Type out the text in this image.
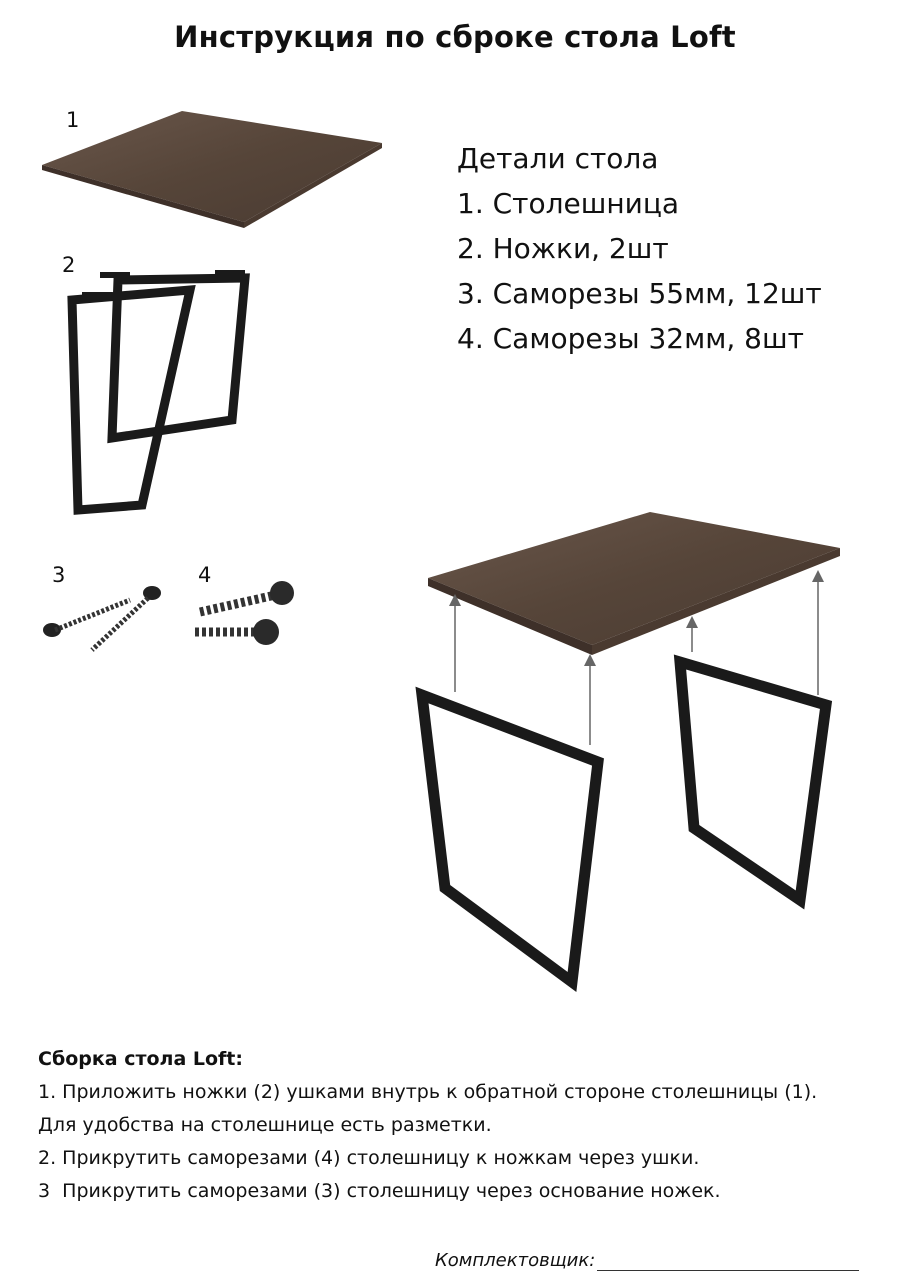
Инструкция по сброке стола Loft
1
2
3	4
Детали стола
1. Столешница
2. Ножки, 2шт
3. Саморезы 55мм, 12шт
4. Саморезы 32мм, 8шт
Сборка стола Loft:
1. Приложить ножки (2) ушками внутрь к обратной стороне столешницы (1).
Для удобства на столешнице есть разметки.
2. Прикрутить саморезами (4) столешницу к ножкам через ушки.
3  Прикрутить саморезами (3) столешницу через основание ножек.
Комплектовщик:
